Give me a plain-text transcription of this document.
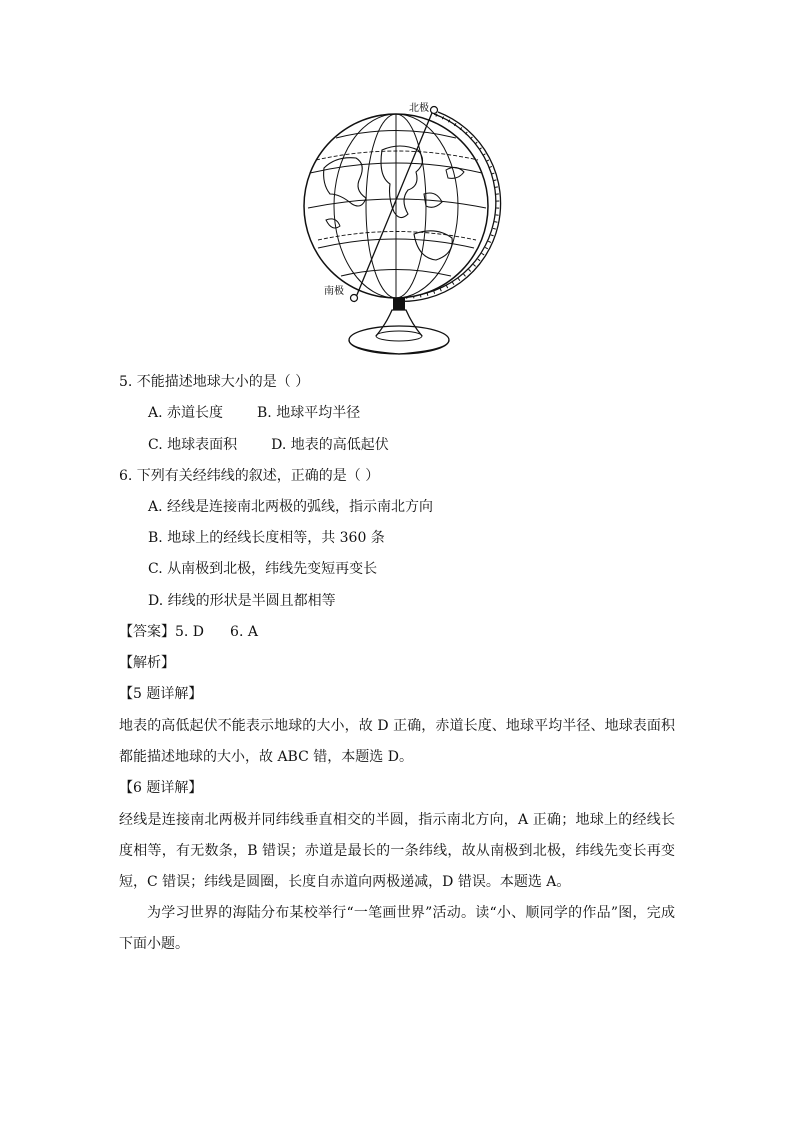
北极
南极
5. 不能描述地球大小的是（ ）
A. 赤道长度 B. 地球平均半径
C. 地球表面积 D. 地表的高低起伏
6. 下列有关经纬线的叙述，正确的是（ ）
A. 经线是连接南北两极的弧线，指示南北方向
B. 地球上的经线长度相等，共 360 条
C. 从南极到北极，纬线先变短再变长
D. 纬线的形状是半圆且都相等
【答案】5. D 6. A
【解析】
【5 题详解】
地表的高低起伏不能表示地球的大小，故 D 正确，赤道长度、地球平均半径、地球表面积都能描述地球的大小，故 ABC 错，本题选 D。
【6 题详解】
经线是连接南北两极并同纬线垂直相交的半圆，指示南北方向，A 正确；地球上的经线长度相等，有无数条，B 错误；赤道是最长的一条纬线，故从南极到北极，纬线先变长再变短，C 错误；纬线是圆圈，长度自赤道向两极递减，D 错误。本题选 A。
为学习世界的海陆分布某校举行“一笔画世界”活动。读“小、顺同学的作品”图，完成下面小题。
